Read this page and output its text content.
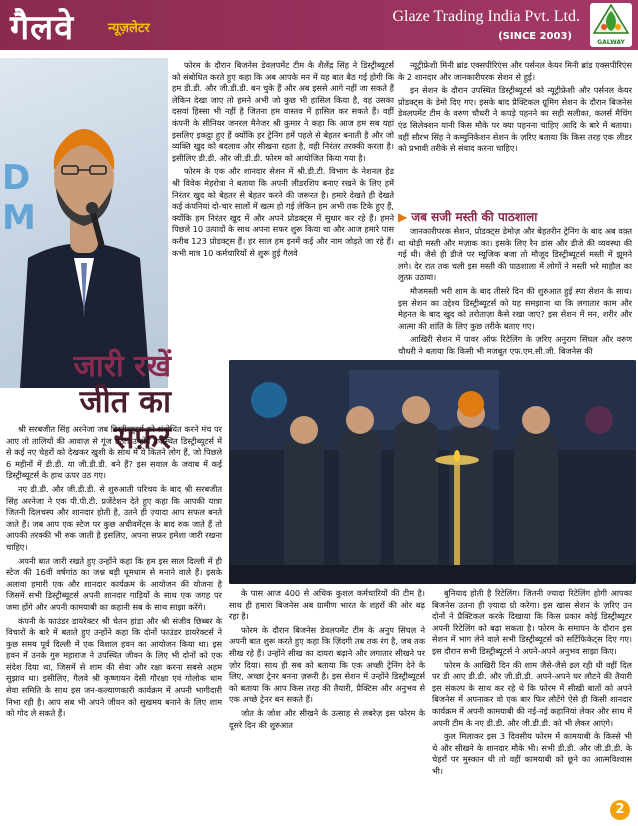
गैलवे	न्यूज़लेटर
Glaze Trading India Pvt. Ltd.
(SINCE 2003)
GALWAY
D
M
जारी रखें
जीत का सफ़र

फोरम के दौरान बिजनेस डेवलपमेंट टीम के शैलेंद्र सिंह ने डिस्ट्रीब्यूटर्स को संबोधित करते हुए कहा कि अब आपके मन में यह बात बैठ गई होगी कि हम डी.डी. और जी.डी.डी. बन चुके हैं और अब इससे आगे नहीं जा सकते हैं लेकिन देखा जाए तो हमने अभी जो कुछ भी हासिल किया है, वह उसका दसवां हिस्सा भी नहीं है जितना हम वास्तव में हासिल कर सकते हैं। वहीं कंपनी के सीनियर जनरल मैनेजर श्री कुमार ने कहा कि आज हम सब यहां इसलिए इकट्ठा हुए हैं क्योंकि हर ट्रेनिंग हमें पहले से बेहतर बनाती है और जो व्यक्ति खुद को बदलाव और सीखना रहता है, वही निरंतर तरक्की करता है। इसीलिए डी.डी. और जी.डी.डी. फोरम को आयोजित किया गया है।

फोरम के एक और शानदार सेशन में श्री.डी.टी. विभाग के नेशनल हेड श्री विवेक मेहरोत्रा ने बताया कि अपनी लीडरशिप बनाए रखने के लिए हमें निरंतर खुद को बेहतर से बेहतर करने की जरूरत है। हमारे देखते ही देखते कई कंपनियां दो-चार सालों में खत्म हो गई लेकिन हम अभी तक टिके हुए हैं, क्योंकि हम निरंतर खुद में और अपने प्रोडक्ट्स में सुधार कर रहे हैं। हमने पिछले 10 उत्पादों के साथ अपना सफर शुरू किया था और आज हमारे पास करीब 123 प्रोडक्ट्स हैं। हर साल हम इनमें कई और नाम जोड़ते जा रहे हैं। कभी मात्र 10 कर्मचारियों से शुरू हुई गैलवे

न्यूट्रीफ्रेशी मिनी ब्रांड एक्सपीरिएंस और पर्सनल केयर मिनी ब्रांड एक्सपीरिएंस के 2 शानदार और जानकारीपरक सेशन से हुई।

इन सेशन के दौरान उपस्थित डिस्ट्रीब्यूटर्स को न्यूट्रीफ्रेशी और पर्सनल केयर प्रोडक्ट्स के डेमो दिए गए। इसके बाद प्रैक्टिकल ग्रूमिंग सेशन के दौरान बिजनेस डेवलपमेंट टीम के वरुण चौधरी ने कपड़े पहनने का सही सलीका, कलर्स मैचिंग एंड सिलेक्शन यानी किस मौके पर क्या पहनना चाहिए आदि के बारे में बताया। वहीं सौरभ सिंह ने कम्युनिकेशन सेशन के ज़रिए बताया कि किस तरह एक लीडर को प्रभावी तरीके से संवाद करना चाहिए।

▶ जब सजी मस्ती की पाठशाला

जानकारीपरक सेशन, प्रोडक्ट्स डेमोज़ और बेहतरीन ट्रेनिंग के बाद अब वक़्त था थोड़ी मस्ती और मज़ाक का। इसके लिए रैन डांस और डीजे की व्यवस्था की गई थी। जैसे ही डीजे पर म्यूजिक बजा तो मौजूद डिस्ट्रीब्यूटर्स मस्ती में झूमने लगे। देर रात तक चली इस मस्ती की पाठशाला में लोगों ने मस्ती भरे माहौल का लुत्फ़ उठाया।

मौजमस्ती भरी शाम के बाद तीसरे दिन की शुरुआत हुई स्पा सेशन के साथ। इस सेशन का उद्देश्य डिस्ट्रीब्यूटर्स को यह समझाना था कि लगातार काम और मेहनत के बाद खुद को तरोताज़ा कैसे रखा जाए? इस सेशन में मन, शरीर और आत्मा की शांति के लिए कुछ तरीके बताए गए।

आखिरी सेशन में पावर ऑफ रिटेलिंग के ज़रिए अनुराग सिंघल और वरुण चौधरी ने बताया कि किसी भी मजबूत एफ.एम.सी.जी. बिजनेस की

श्री सरबजीत सिंह अरनेजा जब डिस्ट्रीब्यूटर्स को संबोधित करने मंच पर आए तो तालियों की आवाज़ से गूंज उठा। उन्होंने उपस्थित डिस्ट्रीब्यूटर्स में से कई नए चेहरों को देखकर खुशी के साथ में ये कितने लोग हैं, जो पिछले 6 महीनों में डी.डी. या जी.डी.डी. बने हैं? इस सवाल के जवाब में कई डिस्ट्रीब्यूटर्स के हाथ ऊपर उठ गए।

नए डी.डी. और जी.डी.डी. से शुरुआती परिचय के बाद श्री सरबजीत सिंह अरनेजा ने एक पी.पी.टी. प्रजेंटेशन देते हुए कहा कि आपकी यात्रा जितनी दिलचस्प और शानदार होती है, उतने ही ज़्यादा आप सफल बनते जाते हैं। जब आप एक स्टेज पर कुछ अचीवमेंट्स के बाद रुक जाते हैं तो आपकी तरक्की भी रुक जाती है इसलिए, अपना सफ़र हमेशा जारी रखना चाहिए।

अपनी बात जारी रखते हुए उन्होंने कहा कि हम इस साल दिल्ली में ही स्टेज की 16वीं वर्षगांठ का जश्न बड़ी धूमधाम से मनाने वाले हैं। इसके अलावा हमारी एक और शानदार कार्यक्रम के आयोजन की योजना है जिसमें सभी डिस्ट्रीब्यूटर्स अपनी शानदार गाड़ियों के साथ एक जगह पर जमा होंगे और अपनी कामयाबी का कहानी सब के साथ साझा करेंगे।

कंपनी के फाउंडर डायरेक्टर श्री चेतन हांडा और श्री संजीव छिब्बर के विचारों के बारे में बताते हुए उन्होंने कहा कि दोनों फाउंडर डायरेक्टर्स ने कुछ समय पूर्व दिल्ली में एक विशाल हवन का आयोजन किया था। इस हवन में उनके गुरु महाराज ने उपस्थित जीवन के लिए भी दोनों को एक संदेश दिया था, जिसमें से शाम की सेवा और रक्षा करना सबसे अहम सुझाव था। इसीलिए, गैलवे श्री कृष्णायन देसी गौरक्षा एवं गोलोक धाम सेवा समिति के साथ इस जन-कल्याणकारी कार्यक्रम में अपनी भागीदारी निभा रही है। आप सब भी अपने जीवन को सुखमय बनाने के लिए शाम को गोद ले सकते हैं।

के पास आज 400 से अधिक कुशल कर्मचारियों की टीम है। साथ ही हमारा बिजनेस अब ग्रामीण भारत के शहरों की ओर बढ़ रहा है।

फोरम के दौरान बिजनेस डेवलपमेंट टीम के अनुप सिंघल ने अपनी बात शुरू करते हुए कहा कि ज़िंदगी तब तक रंग है, जब तक सीख रहे हैं। उन्होंने सीख का दायरा बढ़ाने और लगातार सीखने पर ज़ोर दिया। साथ ही सब को बताया कि एक अच्छी ट्रेनिंग देने के लिए, अच्छा ट्रेनर बनना ज़रूरी है। इस सेशन में उन्होंने डिस्ट्रीब्यूटर्स को बताया कि आप किस तरह की तैयारी, प्रैक्टिस और अनुभव से एक अच्छे ट्रेनर बन सकते हैं।

जोत के जोश और सीखने के उत्साह से लबरेज़ इस फोरम के दूसरे दिन की शुरुआत

बुनियाद होती है रिटेलिंग। जितनी ज्यादा रिटेलिंग होगी आपका बिजनेस उतना ही ज़्यादा ग्रो करेगा। इस खास सेशन के ज़रिए उन दोनों ने प्रैक्टिकल करके दिखाया कि किस प्रकार कोई डिस्ट्रीब्यूटर अपनी रिटेलिंग को बढ़ा सकता है। फोरम के समापन के दौरान इस सेशन में भाग लेने वाले सभी डिस्ट्रीब्यूटर्स को सर्टिफिकेट्स दिए गए। इस दौरान सभी डिस्ट्रीब्यूटर्स ने अपने-अपने अनुभव साझा किए।

फोरम के आखिरी दिन की शाम जैसे-जैसे ढल रही थी वहीं दिल पर डी आए डी.डी. और जी.डी.डी. अपने-अपने घर लौटने की तैयारी इस संकल्प के साथ कर रहे थे कि फोरम में सीखी बातों को अपने बिजनेस में अपनाकर वो एक बार फिर लौटेंगे ऐसे ही किसी शानदार कार्यक्रम में अपनी कामयाबी की नई-नई कहानियां लेकर और साथ में अपनी टीम के नए डी.डी. और जी.डी.डी. को भी लेकर आएंगे।

कुल मिलाकर इस 3 दिवसीय फोरम में कामयाबी के किस्से भी थे और सीखने के शानदार मौके भी। सभी डी.डी. और जी.डी.डी. के चेहरों पर मुस्कान थी तो वहीं कामयाबी को छूने का आत्मविश्वास भी।

2
